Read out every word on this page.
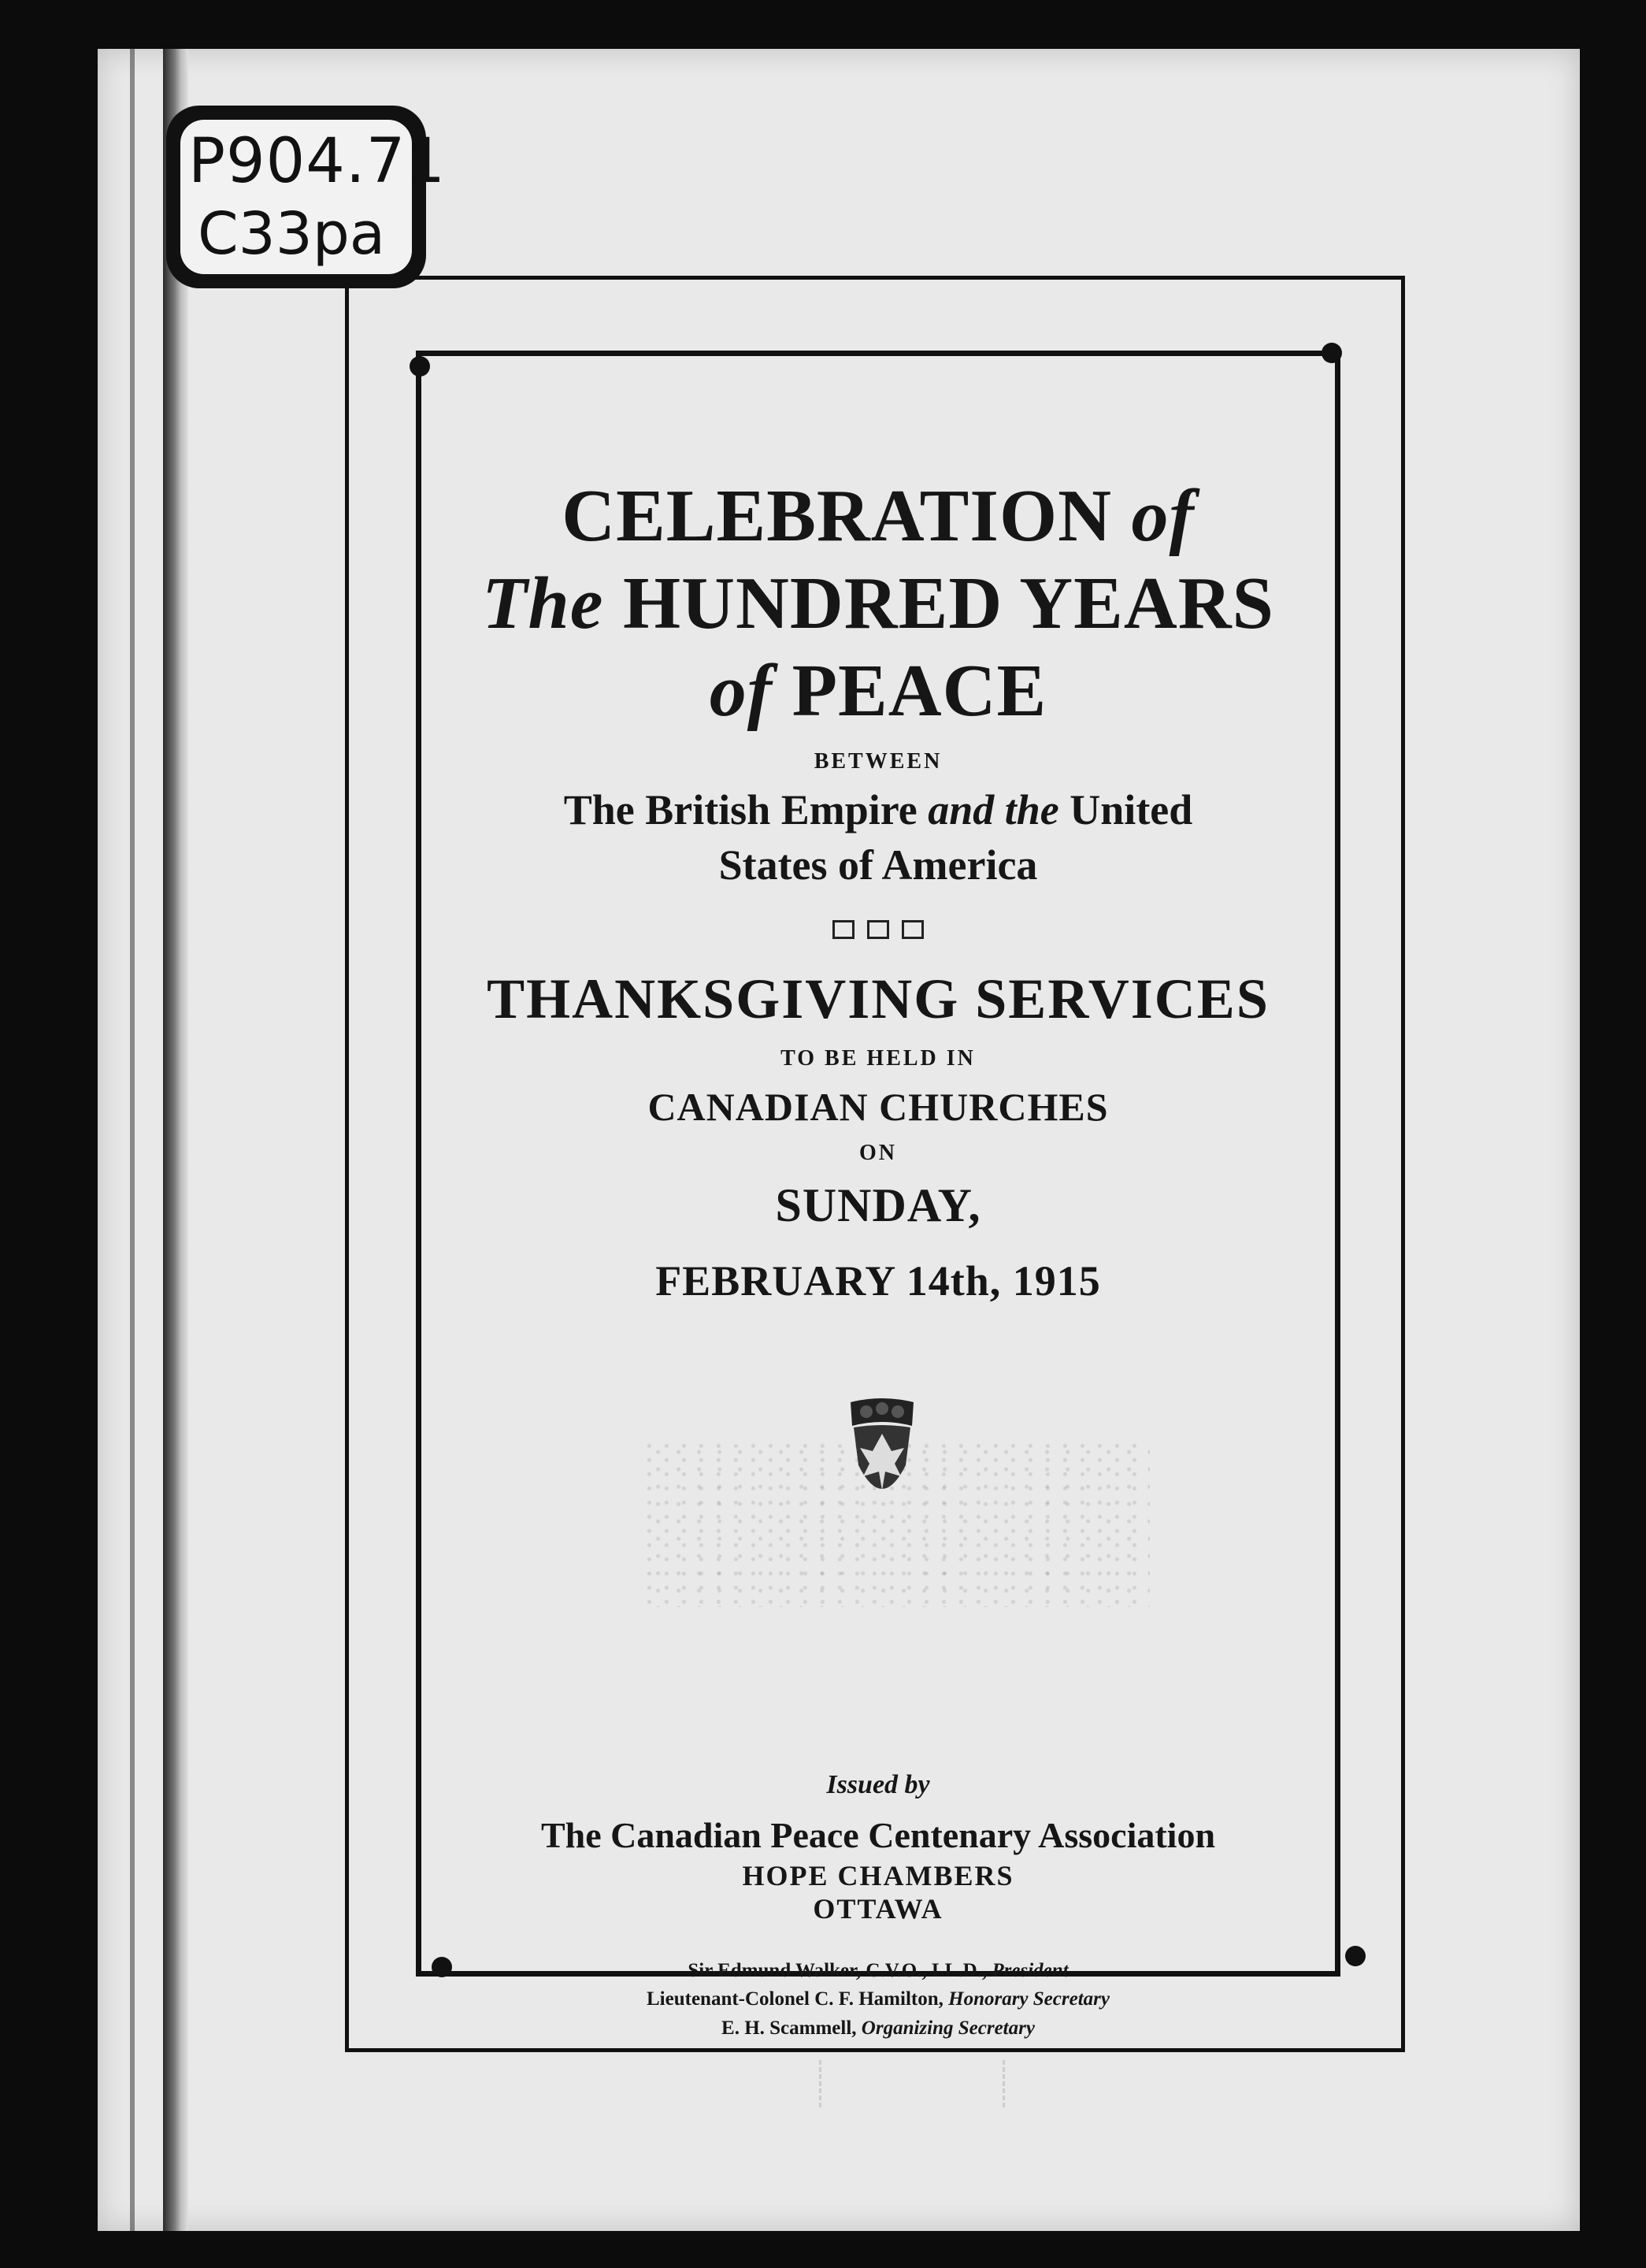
P904.71
C33pa
CELEBRATION of
The HUNDRED YEARS
of PEACE
BETWEEN
The British Empire and the United
States of America
THANKSGIVING SERVICES
TO BE HELD IN
CANADIAN CHURCHES
ON
SUNDAY,
FEBRUARY 14th, 1915
Issued by
The Canadian Peace Centenary Association
HOPE CHAMBERS
OTTAWA
Sir Edmund Walker, C.V.O., LL.D., President
Lieutenant-Colonel C. F. Hamilton, Honorary Secretary
E. H. Scammell, Organizing Secretary
